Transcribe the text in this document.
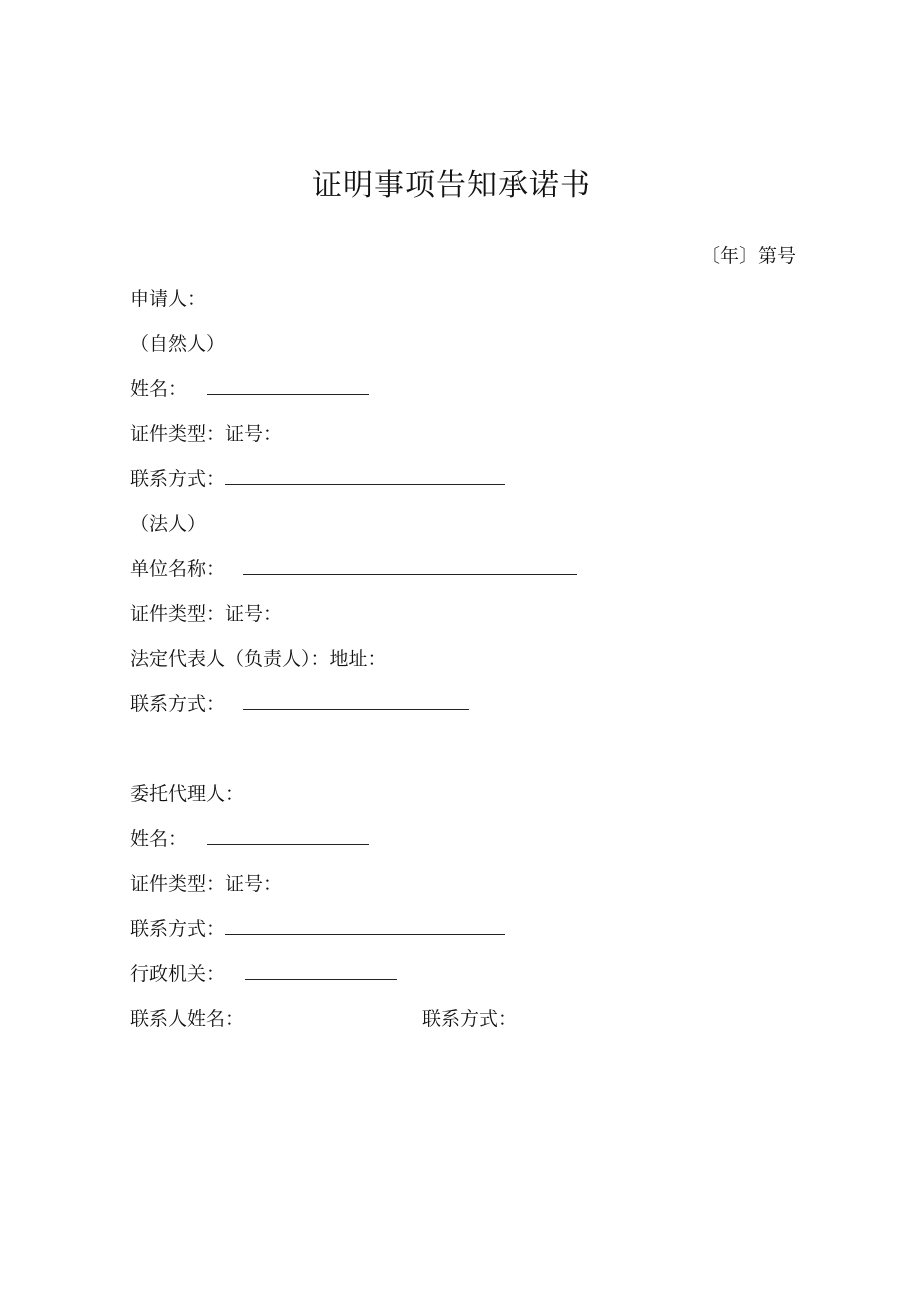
证明事项告知承诺书
〔年〕第号
申请人：
（自然人）
姓名：
证件类型：证号：
联系方式：
（法人）
单位名称：
证件类型：证号：
法定代表人（负责人）：地址：
联系方式：
委托代理人：
姓名：
证件类型：证号：
联系方式：
行政机关：
联系人姓名：	联系方式：
